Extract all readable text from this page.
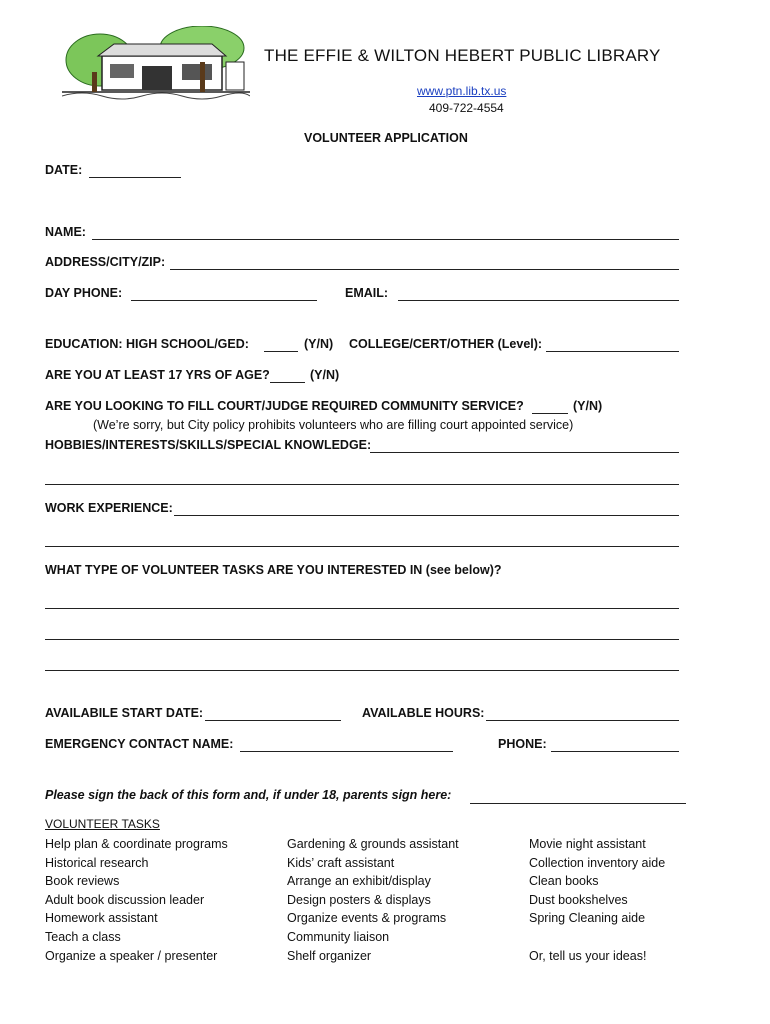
THE EFFIE & WILTON HEBERT PUBLIC LIBRARY
www.ptn.lib.tx.us
409-722-4554
VOLUNTEER APPLICATION
DATE:
NAME:
ADDRESS/CITY/ZIP:
DAY PHONE:	EMAIL:
EDUCATION: HIGH SCHOOL/GED:	(Y/N) COLLEGE/CERT/OTHER (Level):
ARE YOU AT LEAST 17 YRS OF AGE?	(Y/N)
ARE YOU LOOKING TO FILL COURT/JUDGE REQUIRED COMMUNITY SERVICE?	(Y/N)
(We’re sorry, but City policy prohibits volunteers who are filling court appointed service)
HOBBIES/INTERESTS/SKILLS/SPECIAL KNOWLEDGE:
WORK EXPERIENCE:
WHAT TYPE OF VOLUNTEER TASKS ARE YOU INTERESTED IN (see below)?
AVAILABILE START DATE:	AVAILABLE HOURS:
EMERGENCY CONTACT NAME:	PHONE:
Please sign the back of this form and, if under 18, parents sign here:
VOLUNTEER TASKS
Help plan & coordinate programs
Historical research
Book reviews
Adult book discussion leader
Homework assistant
Teach a class
Organize a speaker / presenter
Gardening & grounds assistant
Kids’ craft assistant
Arrange an exhibit/display
Design posters & displays
Organize events & programs
Community liaison
Shelf organizer
Movie night assistant
Collection inventory aide
Clean books
Dust bookshelves
Spring Cleaning aide
Or, tell us your ideas!
